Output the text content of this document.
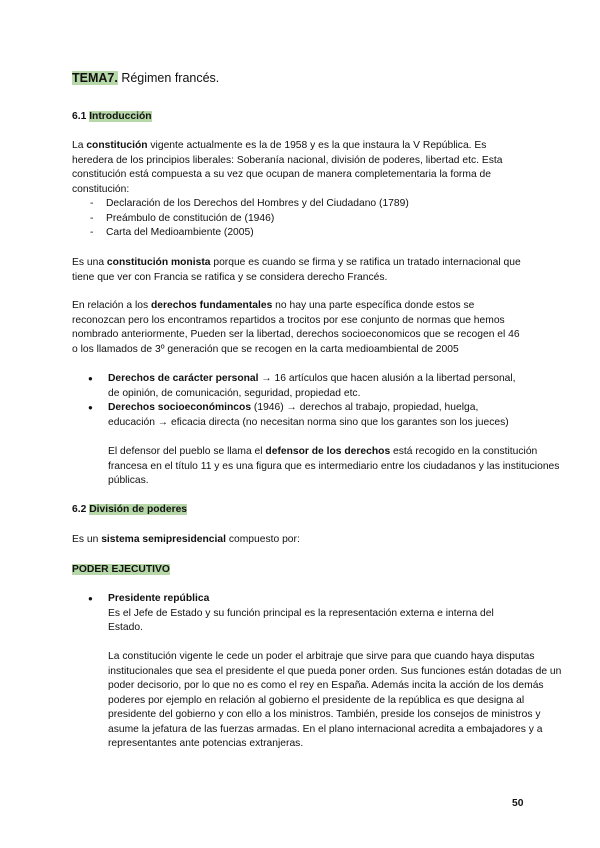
TEMA7. Régimen francés.
6.1 Introducción

La constitución vigente actualmente es la de 1958 y es la que instaura la V República. Es heredera de los principios liberales: Soberanía nacional, división de poderes, libertad etc. Esta constitución está compuesta a su vez que ocupan de manera completementaria la forma de constitución:

- Declaración de los Derechos del Hombres y del Ciudadano (1789)
- Preámbulo de constitución de (1946)
- Carta del Medioambiente (2005)

Es una constitución monista porque es cuando se firma y se ratifica un tratado internacional que tiene que ver con Francia se ratifica y se considera derecho Francés.

En relación a los derechos fundamentales no hay una parte específica donde estos se reconozcan pero los encontramos repartidos a trocitos por ese conjunto de normas que hemos nombrado anteriormente, Pueden ser la libertad, derechos socioeconomicos que se recogen el 46 o los llamados de 3º generación que se recogen en la carta medioambiental de 2005

● Derechos de carácter personal → 16 artículos que hacen alusión a la libertad personal, de opinión, de comunicación, seguridad, propiedad etc.
● Derechos socioeconómincos (1946) → derechos al trabajo, propiedad, huelga, educación → eficacia directa (no necesitan norma sino que los garantes son los jueces)

El defensor del pueblo se llama el defensor de los derechos está recogido en la constitución francesa en el título 11 y es una figura que es intermediario entre los ciudadanos y las instituciones públicas.

6.2 División de poderes

Es un sistema semipresidencial compuesto por:

PODER EJECUTIVO
● Presidente república
Es el Jefe de Estado y su función principal es la representación externa e interna del Estado.

La constitución vigente le cede un poder el arbitraje que sirve para que cuando haya disputas institucionales que sea el presidente el que pueda poner orden. Sus funciones están dotadas de un poder decisorio, por lo que no es como el rey en España. Además incita la acción de los demás poderes por ejemplo en relación al gobierno el presidente de la república es que designa al presidente del gobierno y con ello a los ministros. También, preside los consejos de ministros y asume la jefatura de las fuerzas armadas. En el plano internacional acredita a embajadores y a representantes ante potencias extranjeras.

50
